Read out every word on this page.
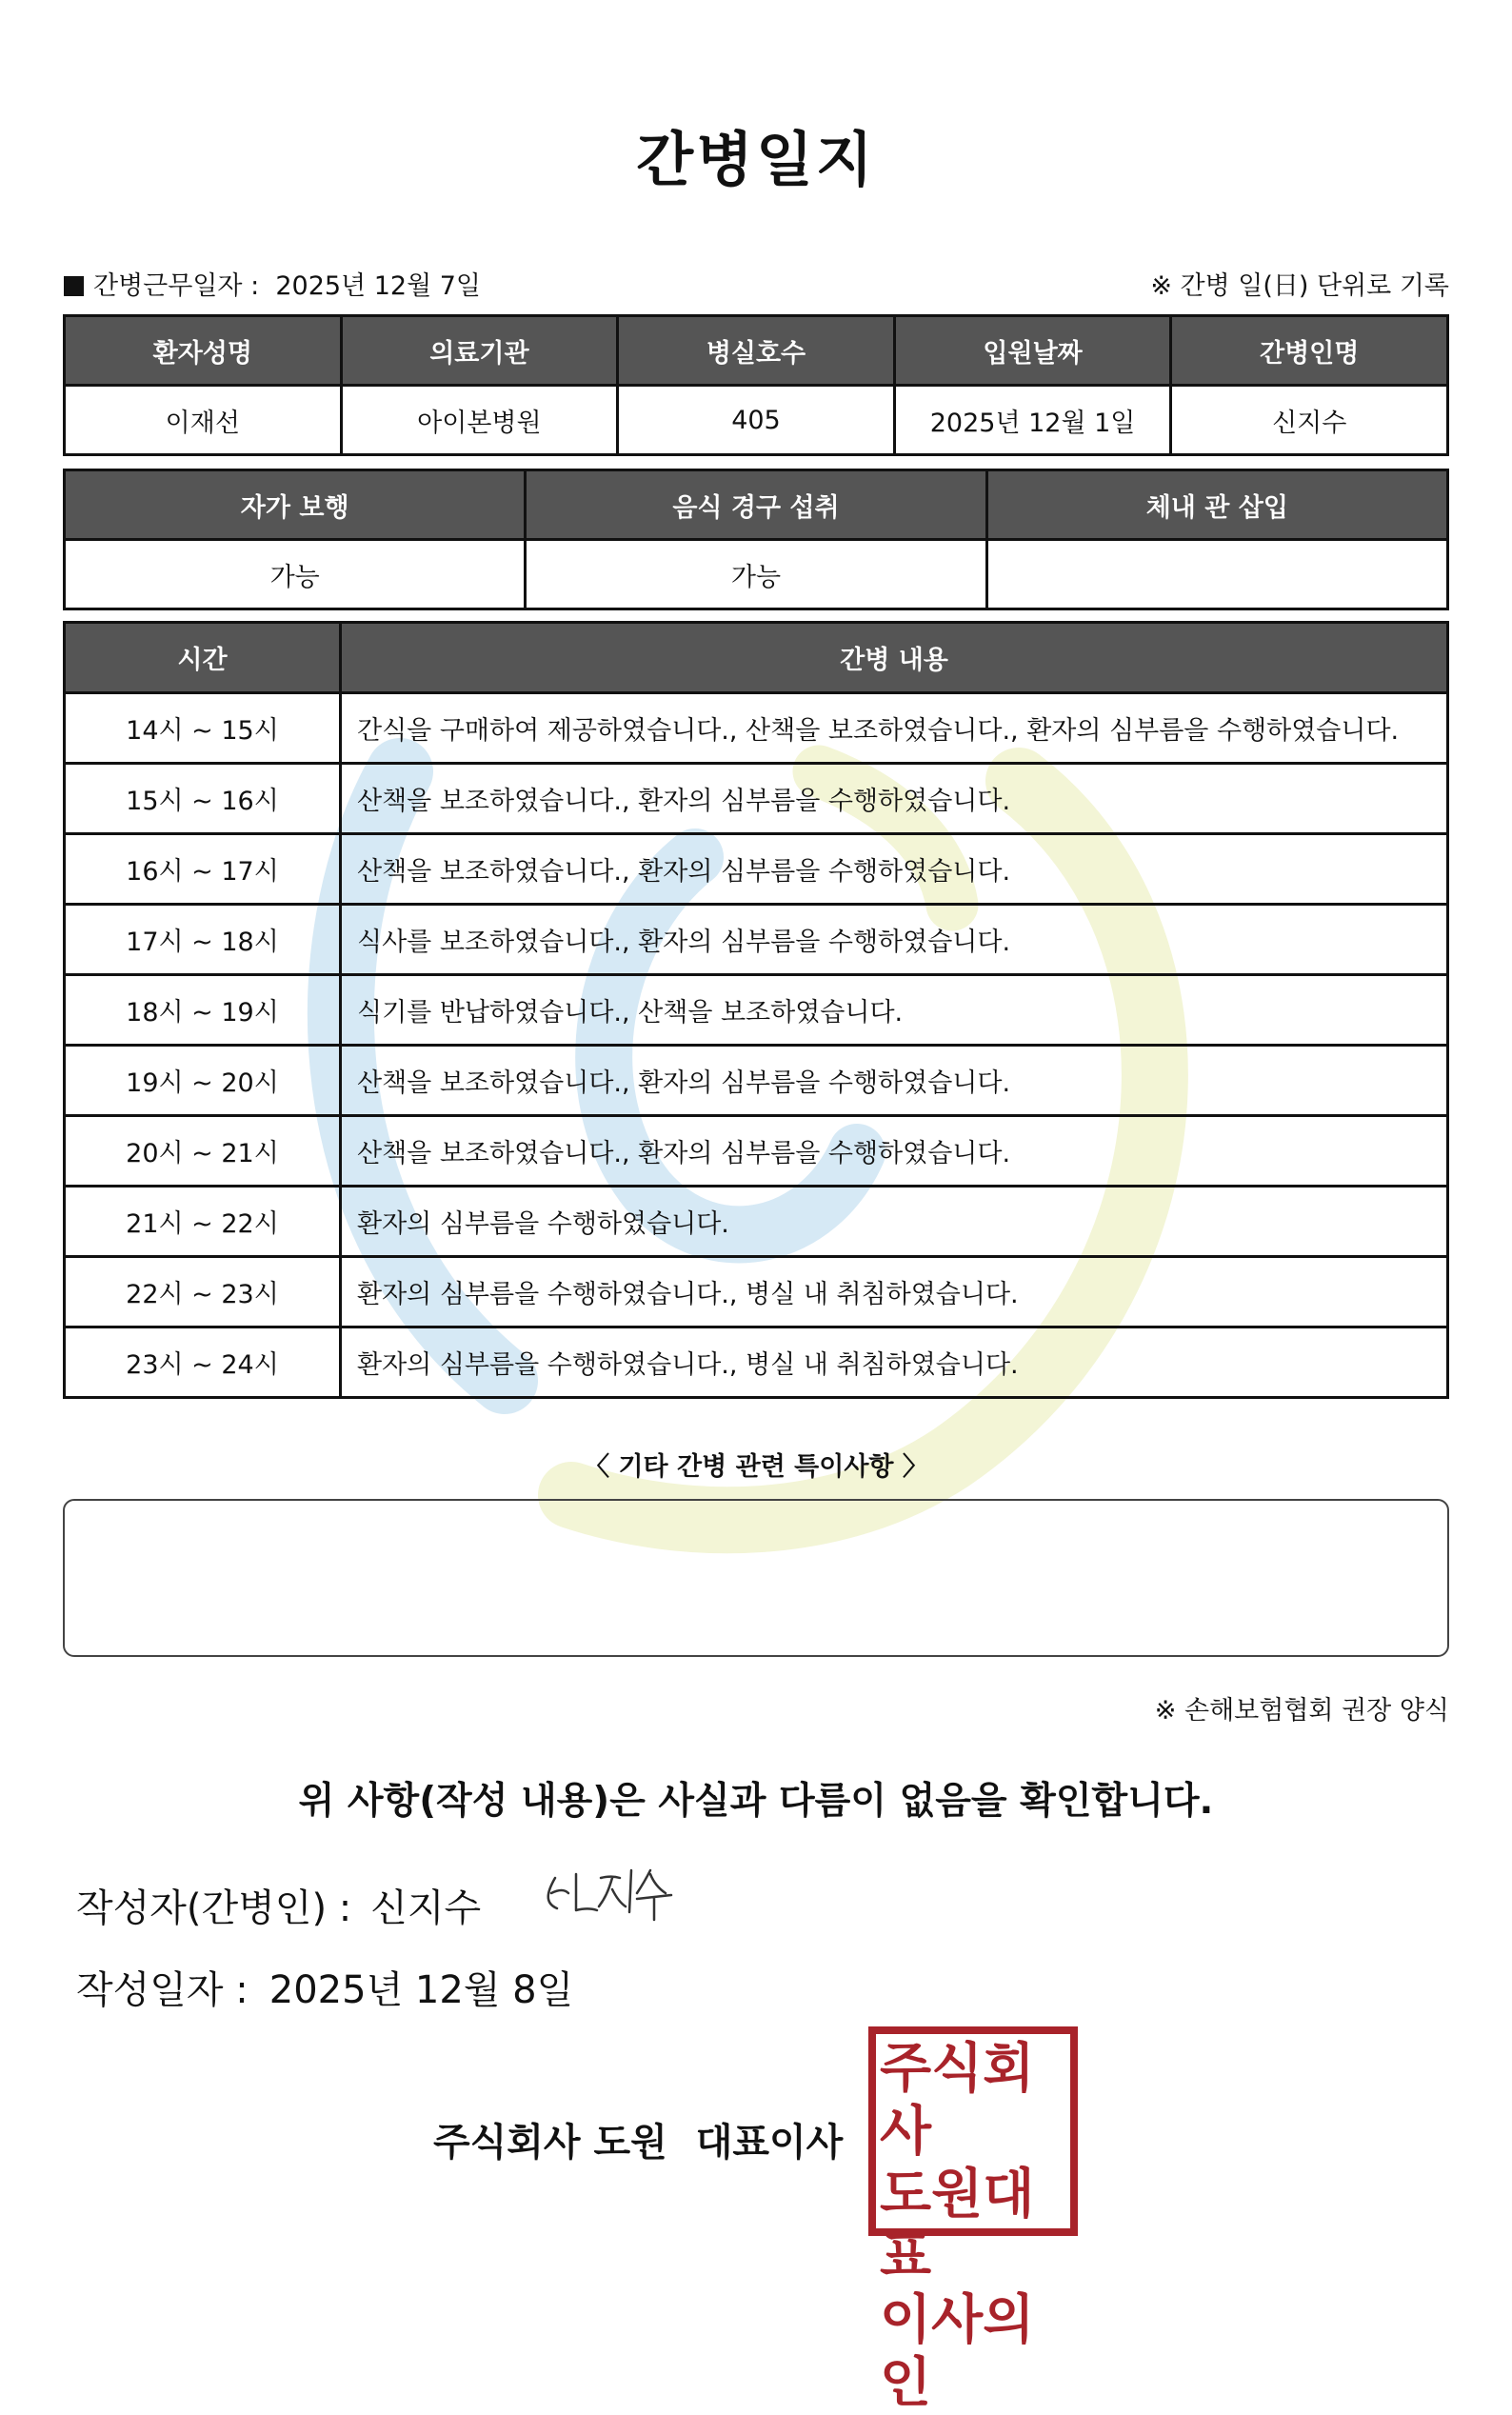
간병일지
간병근무일자 : 2025년 12월 7일	※ 간병 일(日) 단위로 기록
환자성명	의료기관	병실호수	입원날짜	간병인명
이재선	아이본병원	405	2025년 12월 1일	신지수
자가 보행	음식 경구 섭취	체내 관 삽입
가능	가능	
시간	간병 내용
14시 ~ 15시	간식을 구매하여 제공하였습니다., 산책을 보조하였습니다., 환자의 심부름을 수행하였습니다.
15시 ~ 16시	산책을 보조하였습니다., 환자의 심부름을 수행하였습니다.
16시 ~ 17시	산책을 보조하였습니다., 환자의 심부름을 수행하였습니다.
17시 ~ 18시	식사를 보조하였습니다., 환자의 심부름을 수행하였습니다.
18시 ~ 19시	식기를 반납하였습니다., 산책을 보조하였습니다.
19시 ~ 20시	산책을 보조하였습니다., 환자의 심부름을 수행하였습니다.
20시 ~ 21시	산책을 보조하였습니다., 환자의 심부름을 수행하였습니다.
21시 ~ 22시	환자의 심부름을 수행하였습니다.
22시 ~ 23시	환자의 심부름을 수행하였습니다., 병실 내 취침하였습니다.
23시 ~ 24시	환자의 심부름을 수행하였습니다., 병실 내 취침하였습니다.
〈 기타 간병 관련 특이사항 〉
※ 손해보험협회 권장 양식
위 사항(작성 내용)은 사실과 다름이 없음을 확인합니다.
작성자(간병인) : 신지수
작성일자 : 2025년 12월 8일
주식회사 도원 대표이사
주식회사
도원대표
이사의인
